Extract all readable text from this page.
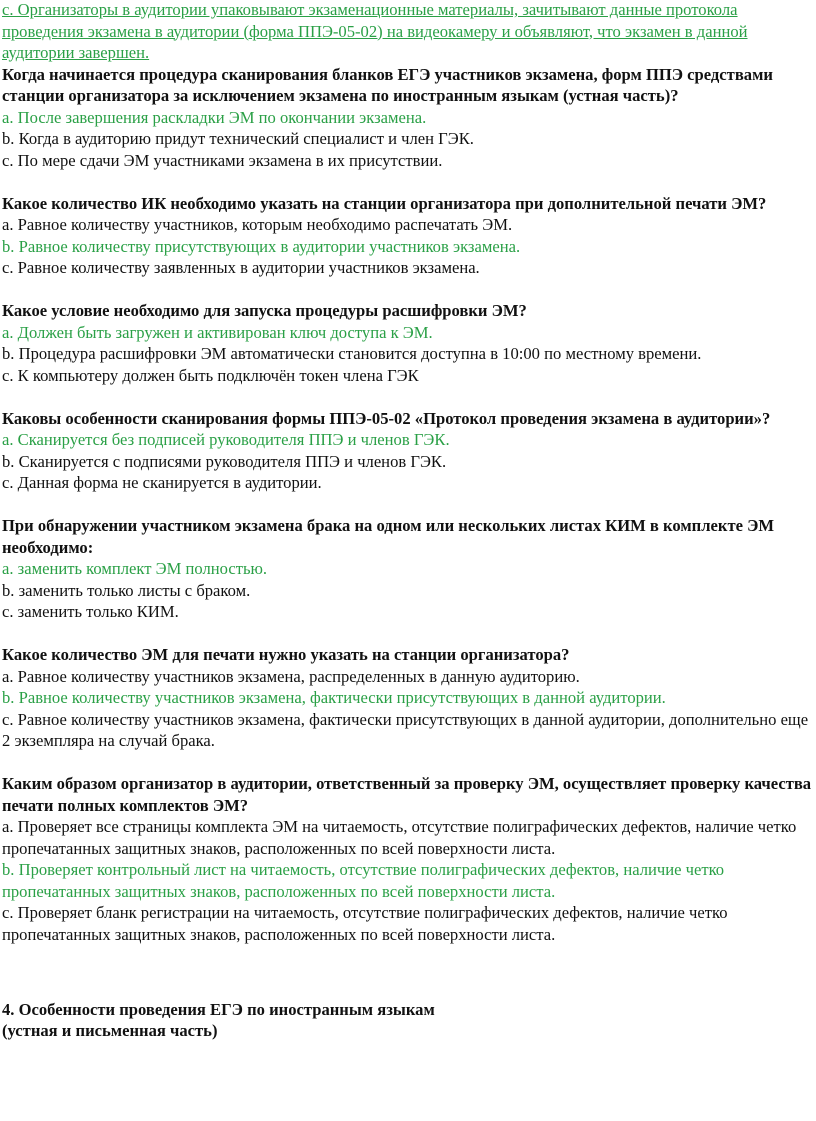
c. Организаторы в аудитории упаковывают экзаменационные материалы, зачитывают данные протокола проведения экзамена в аудитории (форма ППЭ-05-02) на видеокамеру и объявляют, что экзамен в данной аудитории завершен.

Когда начинается процедура сканирования бланков ЕГЭ участников экзамена, форм ППЭ средствами станции организатора за исключением экзамена по иностранным языкам (устная часть)?

a. После завершения раскладки ЭМ по окончании экзамена.

b. Когда в аудиторию придут технический специалист и член ГЭК.

c. По мере сдачи ЭМ участниками экзамена в их присутствии.

Какое количество ИК необходимо указать на станции организатора при дополнительной печати ЭМ?

a. Равное количеству участников, которым необходимо распечатать ЭМ.

b. Равное количеству присутствующих в аудитории участников экзамена.

c. Равное количеству заявленных в аудитории участников экзамена.

Какое условие необходимо для запуска процедуры расшифровки ЭМ?

a. Должен быть загружен и активирован ключ доступа к ЭМ.

b. Процедура расшифровки ЭМ автоматически становится доступна в 10:00 по местному времени.

c. К компьютеру должен быть подключён токен члена ГЭК

Каковы особенности сканирования формы ППЭ-05-02 «Протокол проведения экзамена в аудитории»?

a. Сканируется без подписей руководителя ППЭ и членов ГЭК.

b. Сканируется с подписями руководителя ППЭ и членов ГЭК.

c. Данная форма не сканируется в аудитории.

При обнаружении участником экзамена брака на одном или нескольких листах КИМ в комплекте ЭМ необходимо:

a. заменить комплект ЭМ полностью.

b. заменить только листы с браком.

c. заменить только КИМ.

Какое количество ЭМ для печати нужно указать на станции организатора?

a. Равное количеству участников экзамена, распределенных в данную аудиторию.

b. Равное количеству участников экзамена, фактически присутствующих в данной аудитории.

c. Равное количеству участников экзамена, фактически присутствующих в данной аудитории, дополнительно еще 2 экземпляра на случай брака.

Каким образом организатор в аудитории, ответственный за проверку ЭМ, осуществляет проверку качества печати полных комплектов ЭМ?

a. Проверяет все страницы комплекта ЭМ на читаемость, отсутствие полиграфических дефектов, наличие четко пропечатанных защитных знаков, расположенных по всей поверхности листа.

b. Проверяет контрольный лист на читаемость, отсутствие полиграфических дефектов, наличие четко пропечатанных защитных знаков, расположенных по всей поверхности листа.

c. Проверяет бланк регистрации на читаемость, отсутствие полиграфических дефектов, наличие четко пропечатанных защитных знаков, расположенных по всей поверхности листа.

4. Особенности проведения ЕГЭ по иностранным языкам

(устная и письменная часть)
